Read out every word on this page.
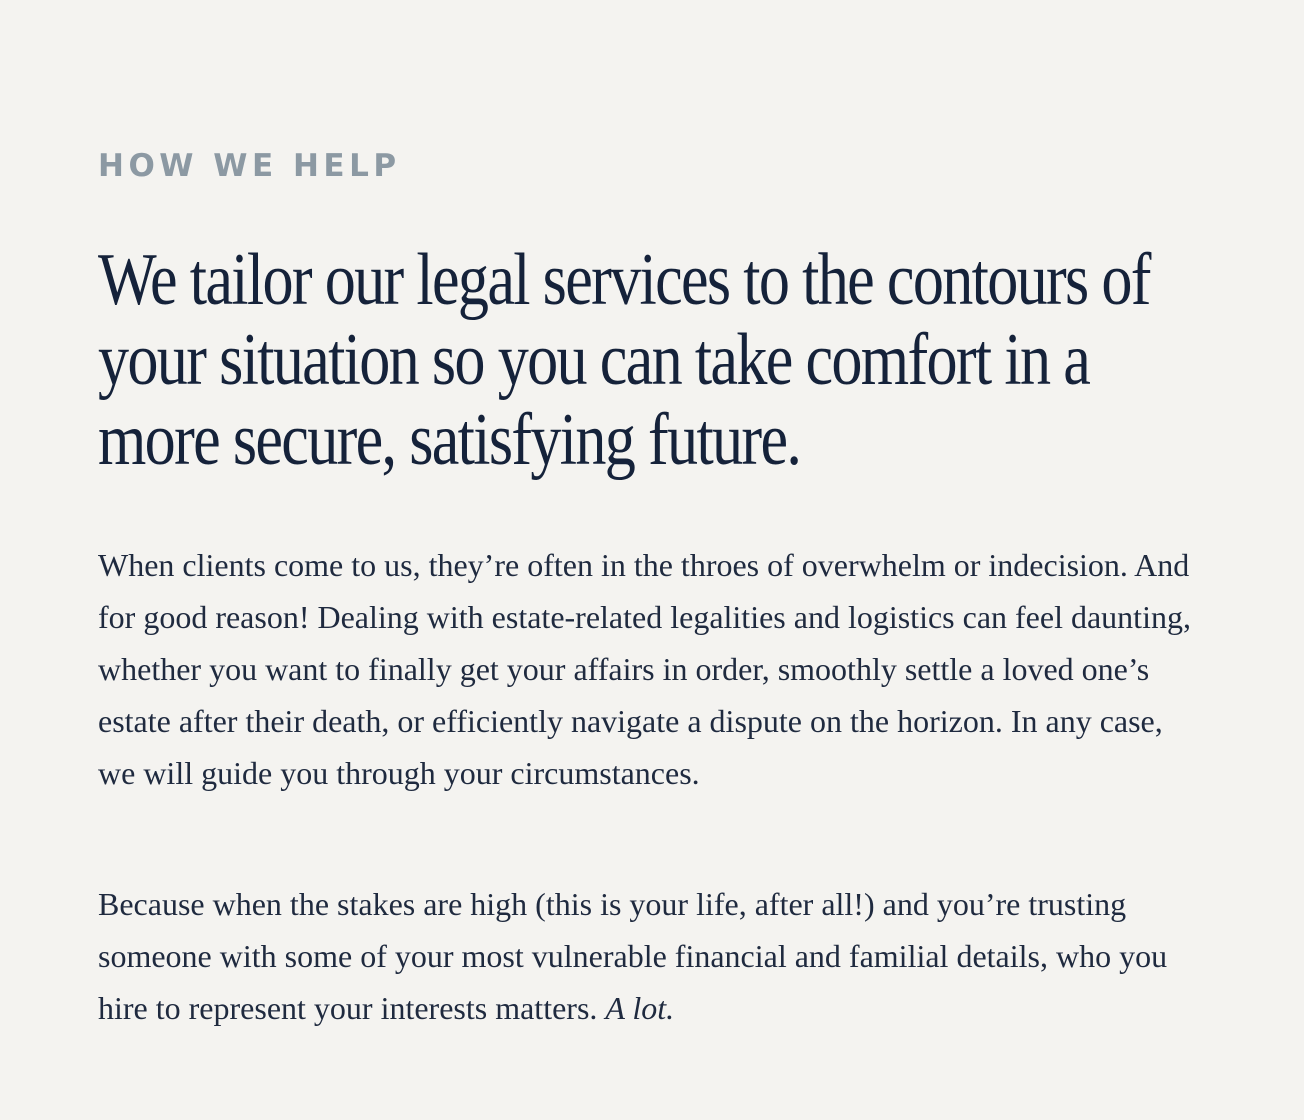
HOW WE HELP
We tailor our legal services to the contours of your situation so you can take comfort in a more secure, satisfying future.

When clients come to us, they’re often in the throes of overwhelm or indecision. And for good reason! Dealing with estate-related legalities and logistics can feel daunting, whether you want to finally get your affairs in order, smoothly settle a loved one’s estate after their death, or efficiently navigate a dispute on the horizon. In any case, we will guide you through your circumstances.

Because when the stakes are high (this is your life, after all!) and you’re trusting someone with some of your most vulnerable financial and familial details, who you hire to represent your interests matters. A lot.
